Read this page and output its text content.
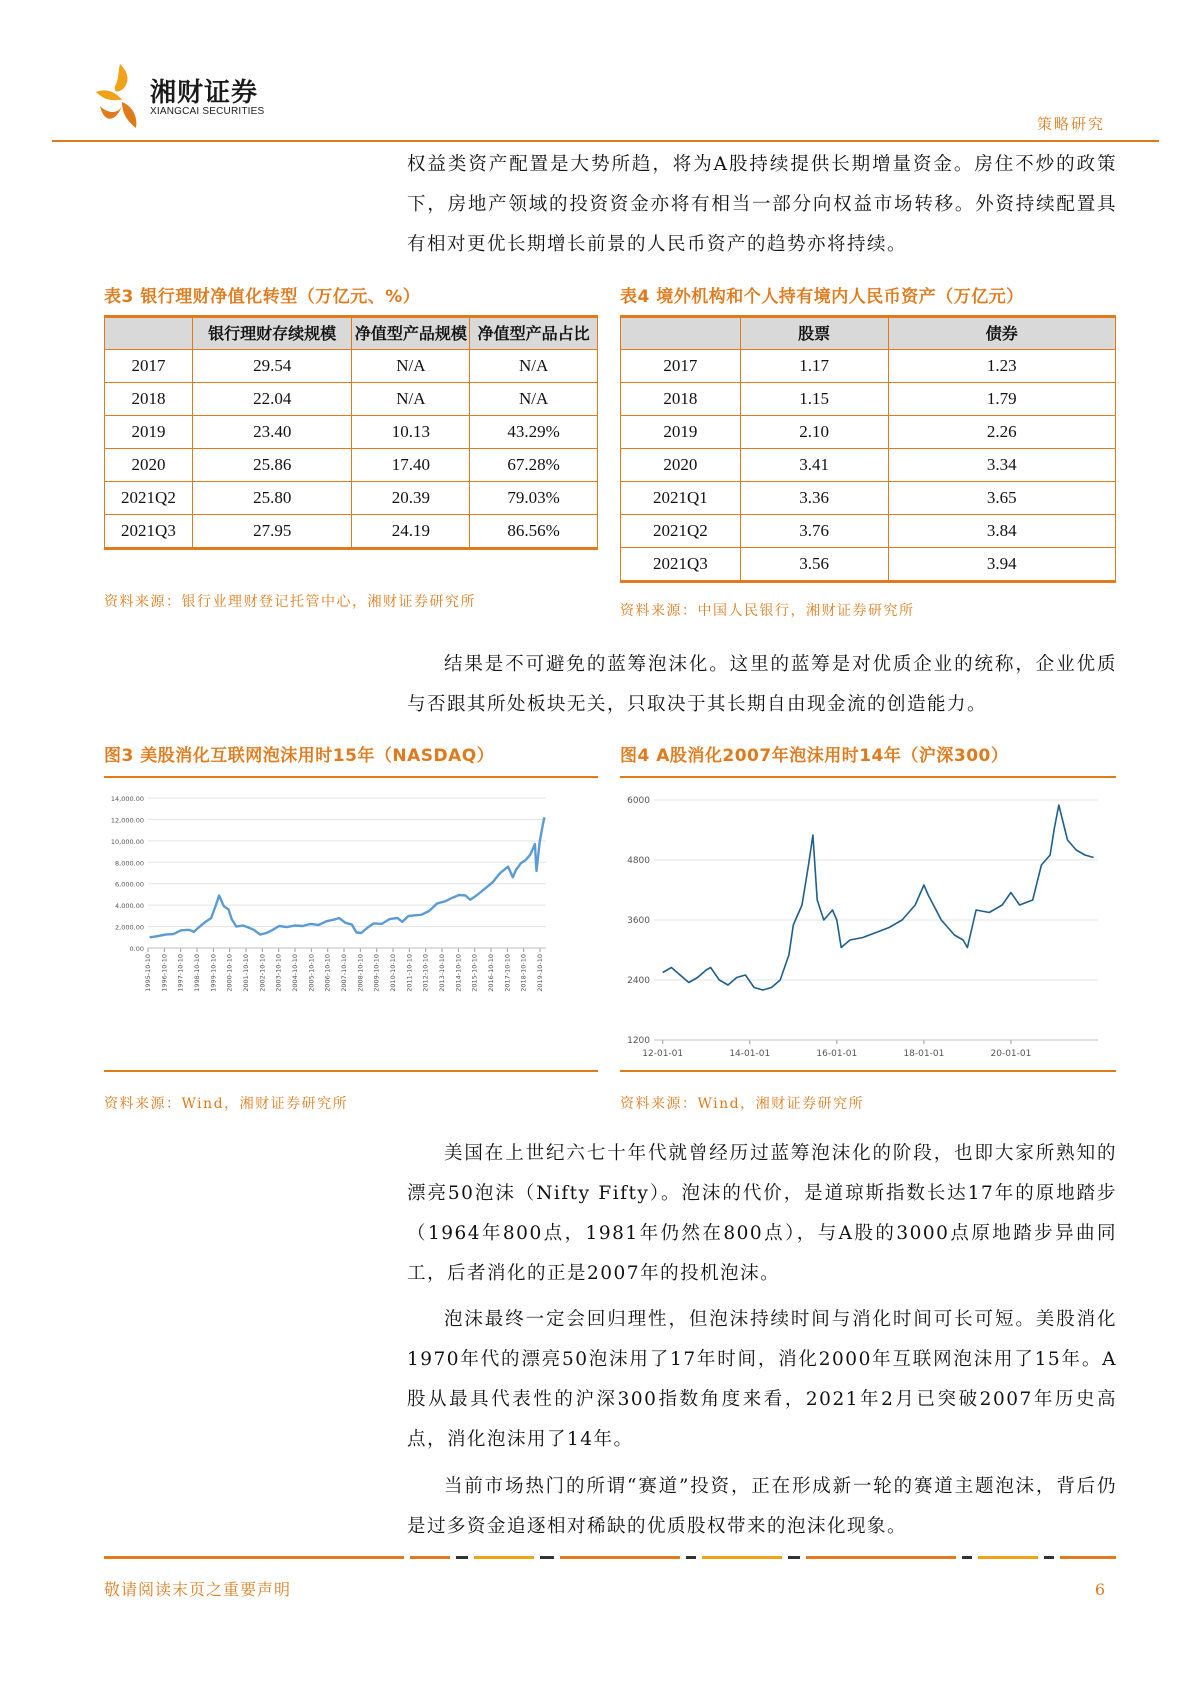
湘财证券
XIANGCAI SECURITIES
策略研究
权益类资产配置是大势所趋，将为A股持续提供长期增量资金。房住不炒的政策下，房地产领域的投资资金亦将有相当一部分向权益市场转移。外资持续配置具有相对更优长期增长前景的人民币资产的趋势亦将持续。
表3 银行理财净值化转型（万亿元、%）
	银行理财存续规模	净值型产品规模	净值型产品占比
2017	29.54	N/A	N/A
2018	22.04	N/A	N/A
2019	23.40	10.13	43.29%
2020	25.86	17.40	67.28%
2021Q2	25.80	20.39	79.03%
2021Q3	27.95	24.19	86.56%
资料来源：银行业理财登记托管中心，湘财证券研究所
表4 境外机构和个人持有境内人民币资产（万亿元）
	股票	债券
2017	1.17	1.23
2018	1.15	1.79
2019	2.10	2.26
2020	3.41	3.34
2021Q1	3.36	3.65
2021Q2	3.76	3.84
2021Q3	3.56	3.94
资料来源：中国人民银行，湘财证券研究所
结果是不可避免的蓝筹泡沫化。这里的蓝筹是对优质企业的统称，企业优质与否跟其所处板块无关，只取决于其长期自由现金流的创造能力。
图3 美股消化互联网泡沫用时15年（NASDAQ）
0.00
2,000.00
4,000.00
6,000.00
8,000.00
10,000.00
12,000.00
14,000.00
1995-10-10 1996-10-10 1997-10-10 1998-10-10 1999-10-10 2000-10-10 2001-10-10 2002-10-10 2003-10-10 2004-10-10 2005-10-10 2006-10-10 2007-10-10 2008-10-10 2009-10-10 2010-10-10 2011-10-10 2012-10-10 2013-10-10 2014-10-10 2015-10-10 2016-10-10 2017-10-10 2018-10-10 2019-10-10
资料来源：Wind，湘财证券研究所
图4 A股消化2007年泡沫用时14年（沪深300）
1200
2400
3600
4800
6000
12-01-01	14-01-01	16-01-01	18-01-01	20-01-01
资料来源：Wind，湘财证券研究所
美国在上世纪六七十年代就曾经历过蓝筹泡沫化的阶段，也即大家所熟知的漂亮50泡沫（Nifty Fifty）。泡沫的代价，是道琼斯指数长达17年的原地踏步（1964年800点，1981年仍然在800点），与A股的3000点原地踏步异曲同工，后者消化的正是2007年的投机泡沫。
泡沫最终一定会回归理性，但泡沫持续时间与消化时间可长可短。美股消化1970年代的漂亮50泡沫用了17年时间，消化2000年互联网泡沫用了15年。A股从最具代表性的沪深300指数角度来看，2021年2月已突破2007年历史高点，消化泡沫用了14年。
当前市场热门的所谓“赛道”投资，正在形成新一轮的赛道主题泡沫，背后仍是过多资金追逐相对稀缺的优质股权带来的泡沫化现象。
敬请阅读末页之重要声明	6
